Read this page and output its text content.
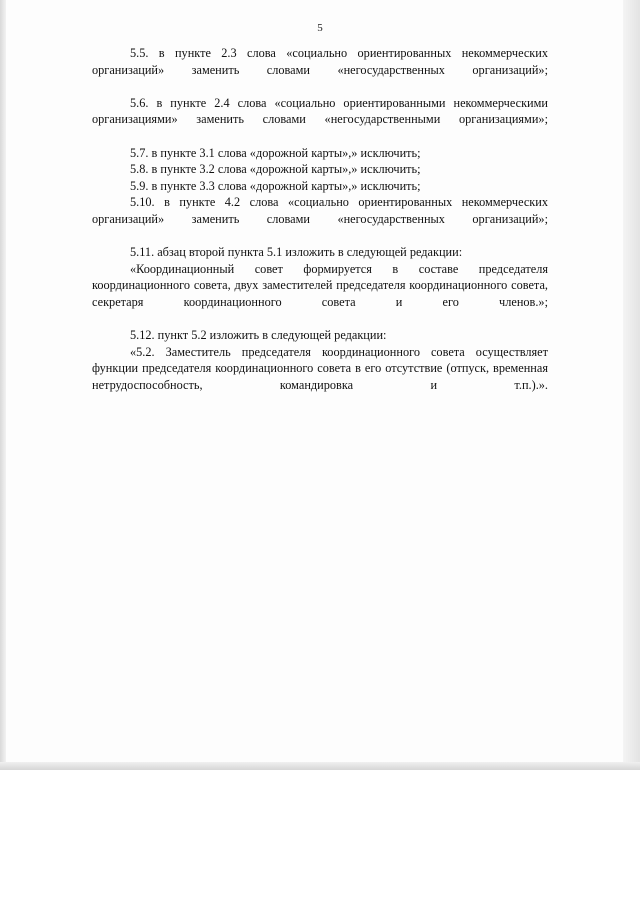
5

5.5. в пункте 2.3 слова «социально ориентированных некоммерческих организаций» заменить словами «негосударственных организаций»;

5.6. в пункте 2.4 слова «социально ориентированными некоммерческими организациями» заменить словами «негосударственными организациями»;

5.7. в пункте 3.1 слова «дорожной карты»,» исключить;

5.8. в пункте 3.2 слова «дорожной карты»,» исключить;

5.9. в пункте 3.3 слова «дорожной карты»,» исключить;

5.10. в пункте 4.2 слова «социально ориентированных некоммерческих организаций» заменить словами «негосударственных организаций»;

5.11. абзац второй пункта 5.1 изложить в следующей редакции:

«Координационный совет формируется в составе председателя координационного совета, двух заместителей председателя координационного совета, секретаря координационного совета и его членов.»;

5.12. пункт 5.2 изложить в следующей редакции:

«5.2. Заместитель председателя координационного совета осуществляет функции председателя координационного совета в его отсутствие (отпуск, временная нетрудоспособность, командировка и т.п.).».
